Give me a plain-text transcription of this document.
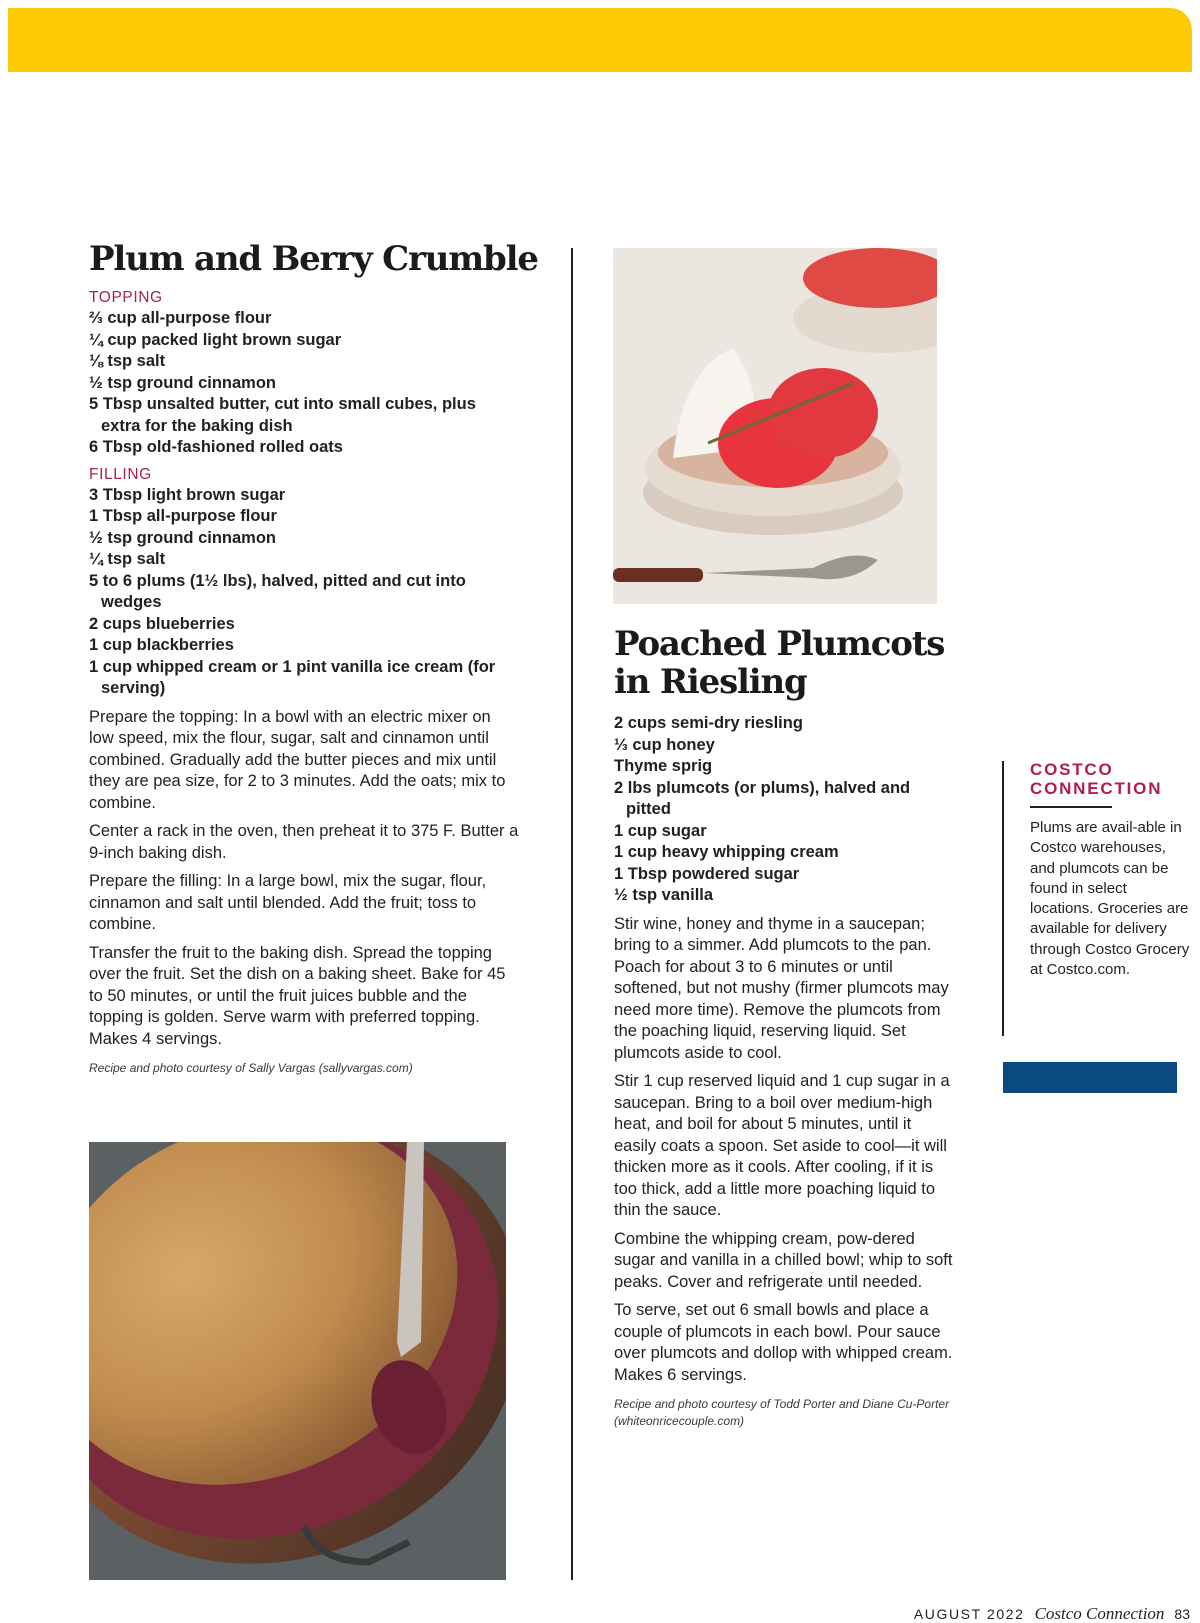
Plum and Berry Crumble
TOPPING
⅔ cup all-purpose flour
¼ cup packed light brown sugar
⅛ tsp salt
½ tsp ground cinnamon
5 Tbsp unsalted butter, cut into small cubes, plus extra for the baking dish
6 Tbsp old-fashioned rolled oats
FILLING
3 Tbsp light brown sugar
1 Tbsp all-purpose flour
½ tsp ground cinnamon
¼ tsp salt
5 to 6 plums (1½ lbs), halved, pitted and cut into wedges
2 cups blueberries
1 cup blackberries
1 cup whipped cream or 1 pint vanilla ice cream (for serving)

Prepare the topping: In a bowl with an electric mixer on low speed, mix the flour, sugar, salt and cinnamon until combined. Gradually add the butter pieces and mix until they are pea size, for 2 to 3 minutes. Add the oats; mix to combine.

Center a rack in the oven, then preheat it to 375 F. Butter a 9-inch baking dish.

Prepare the filling: In a large bowl, mix the sugar, flour, cinnamon and salt until blended. Add the fruit; toss to combine.

Transfer the fruit to the baking dish. Spread the topping over the fruit. Set the dish on a baking sheet. Bake for 45 to 50 minutes, or until the fruit juices bubble and the topping is golden. Serve warm with preferred topping. Makes 4 servings.

Recipe and photo courtesy of Sally Vargas (sallyvargas.com)

Poached Plumcots
in Riesling
2 cups semi-dry riesling
⅓ cup honey
Thyme sprig
2 lbs plumcots (or plums), halved and pitted
1 cup sugar
1 cup heavy whipping cream
1 Tbsp powdered sugar
½ tsp vanilla

Stir wine, honey and thyme in a saucepan; bring to a simmer. Add plumcots to the pan. Poach for about 3 to 6 minutes or until softened, but not mushy (firmer plumcots may need more time). Remove the plumcots from the poaching liquid, reserving liquid. Set plumcots aside to cool.

Stir 1 cup reserved liquid and 1 cup sugar in a saucepan. Bring to a boil over medium-high heat, and boil for about 5 minutes, until it easily coats a spoon. Set aside to cool—it will thicken more as it cools. After cooling, if it is too thick, add a little more poaching liquid to thin the sauce.

Combine the whipping cream, pow-dered sugar and vanilla in a chilled bowl; whip to soft peaks. Cover and refrigerate until needed.

To serve, set out 6 small bowls and place a couple of plumcots in each bowl. Pour sauce over plumcots and dollop with whipped cream. Makes 6 servings.

Recipe and photo courtesy of Todd Porter and Diane Cu-Porter (whiteonricecouple.com)

COSTCO
CONNECTION

Plums are avail-able in Costco warehouses, and plumcots can be found in select locations. Groceries are available for delivery through Costco Grocery at Costco.com.

AUGUST 2022 Costco Connection 83
